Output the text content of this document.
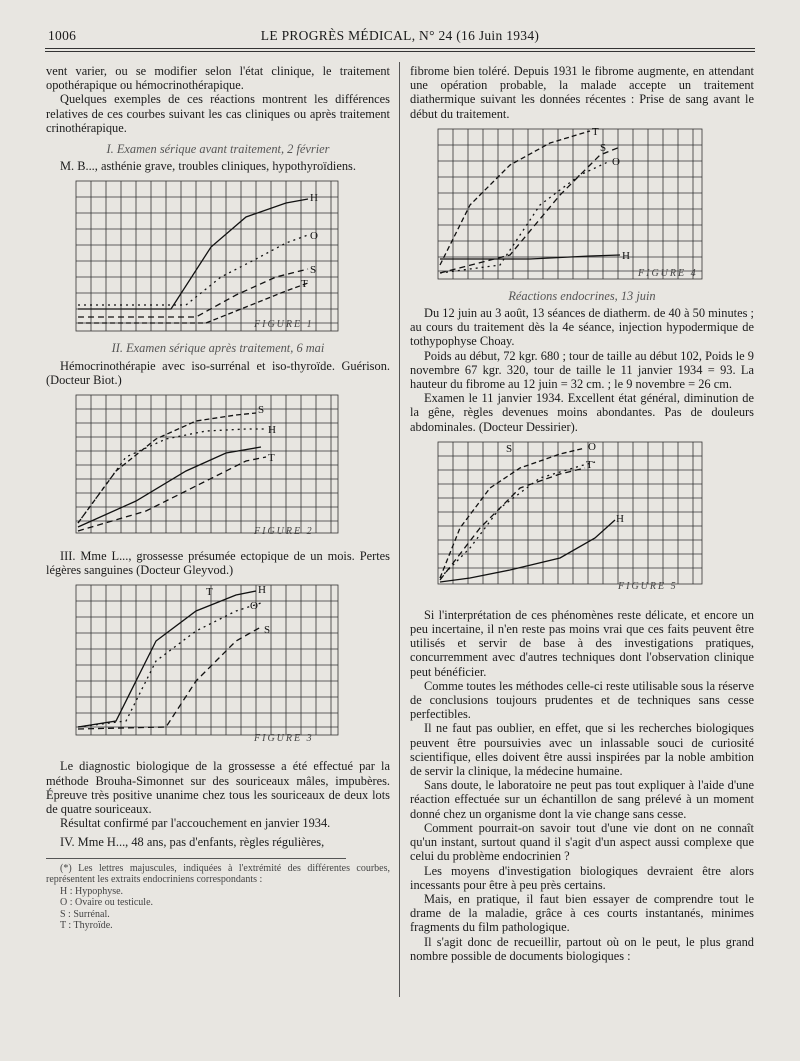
1006	LE PROGRÈS MÉDICAL, N° 24 (16 Juin 1934)

vent varier, ou se modifier selon l'état clinique, le traitement opothérapique ou hémocrinothérapique.

Quelques exemples de ces réactions montrent les différences relatives de ces courbes suivant les cas cliniques ou après traitement crinothérapique.

I. Examen sérique avant traitement, 2 février

M. B..., asthénie grave, troubles cliniques, hypothyroïdiens.

H
O
S
T
FIGURE 1
II. Examen sérique après traitement, 6 mai

Hémocrinothérapie avec iso-surrénal et iso-thyroïde. Guérison. (Docteur Biot.)

S
H
T
FIGURE 2

III. Mme L..., grossesse présumée ectopique de un mois. Pertes légères sanguines (Docteur Gleyvod.)

T	H
O
S
FIGURE 3

Le diagnostic biologique de la grossesse a été effectué par la méthode Brouha-Simonnet sur des souriceaux mâles, impubères. Épreuve très positive unanime chez tous les souriceaux de deux lots de quatre souriceaux.

Résultat confirmé par l'accouchement en janvier 1934.

IV. Mme H..., 48 ans, pas d'enfants, règles régulières,

(*) Les lettres majuscules, indiquées à l'extrémité des différentes courbes, représentent les extraits endocriniens correspondants :
H : Hypophyse.
O : Ovaire ou testicule.
S : Surrénal.
T : Thyroïde.

fibrome bien toléré. Depuis 1931 le fibrome augmente, en attendant une opération probable, la malade accepte un traitement diathermique suivant les données récentes : Prise de sang avant le début du traitement.

T
S
O
H
FIGURE 4
Réactions endocrines, 13 juin

Du 12 juin au 3 août, 13 séances de diatherm. de 40 à 50 minutes ; au cours du traitement dès la 4e séance, injection hypodermique de tothypophyse Choay.

Poids au début, 72 kgr. 680 ; tour de taille au début 102, Poids le 9 novembre 67 kgr. 320, tour de taille le 11 janvier 1934 = 93. La hauteur du fibrome au 12 juin = 32 cm. ; le 9 novembre = 26 cm.

Examen le 11 janvier 1934. Excellent état général, diminution de la gêne, règles devenues moins abondantes. Pas de douleurs abdominales. (Docteur Dessirier).

S	O
T
H
FIGURE 5

Si l'interprétation de ces phénomènes reste délicate, et encore un peu incertaine, il n'en reste pas moins vrai que ces faits peuvent être utilisés et servir de base à des investigations pratiques, concurremment avec d'autres techniques dont l'observation clinique peut bénéficier.

Comme toutes les méthodes celle-ci reste utilisable sous la réserve de conclusions toujours prudentes et de techniques sans cesse perfectibles.

Il ne faut pas oublier, en effet, que si les recherches biologiques peuvent être poursuivies avec un inlassable souci de curiosité scientifique, elles doivent être aussi inspirées par la noble ambition de servir la clinique, la médecine humaine.

Sans doute, le laboratoire ne peut pas tout expliquer à l'aide d'une réaction effectuée sur un échantillon de sang prélevé à un moment donné chez un organisme dont la vie change sans cesse.

Comment pourrait-on savoir tout d'une vie dont on ne connaît qu'un instant, surtout quand il s'agit d'un aspect aussi complexe que celui du problème endocrinien ?

Les moyens d'investigation biologiques devraient être alors incessants pour être à peu près certains.

Mais, en pratique, il faut bien essayer de comprendre tout le drame de la maladie, grâce à ces courts instantanés, minimes fragments du film pathologique.

Il s'agit donc de recueillir, partout où on le peut, le plus grand nombre possible de documents biologiques :
